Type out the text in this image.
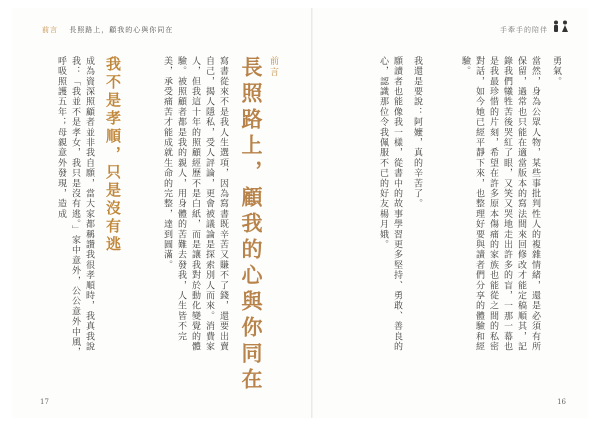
前言 長照路上，顧我的心與你同在	手牽手的陪伴
前言
長照路上，顧我的心與你同在
寫書從來不是我人生選項，因為寫書既辛苦又賺不了錢，還要出賣自己，揭人隱私，受人評論，更會被議論是探索別人而來。消費家人，但我這十年的照顧經歷不是白紙，而是讓我對於動化變覺的體驗。被照顧者都是我的親人，用身體的苦難去發我，人生皆不完美，承受痛苦才能成就生命的完整，達到圓滿。
我不是孝順，只是沒有逃
成為資深照顧者並非我自願，當大家都稱讚我很孝順時，我真我說我：「我並不是孝女，我只是沒有逃。」家中意外，公公意外中風，呼吸照護五年；母親意外發現，造成
17
勇氣。
當然，身為公眾人物，某些事批判性人的複雜情緒，還是必須有所保留，過常也只能在適當版本的寫法間來回修改才能定稿順其，記錄我們犧牲苦後哭紅了眼，又笑又哭地走出許多的盲，一那一幕也是我最珍惜的片刻，希望在許多原本傷痛的家族也能從之間的私密對話，如今她已經平靜下來，也整理好要與讀者們分享的體驗和經驗。
我還是要說：阿嬤，真的辛苦了。
願讀者也能像我一樣，從書中的故事學習更多堅持、勇敢、善良的心，認識那位令我佩服不已的好友楊月娥。
16
